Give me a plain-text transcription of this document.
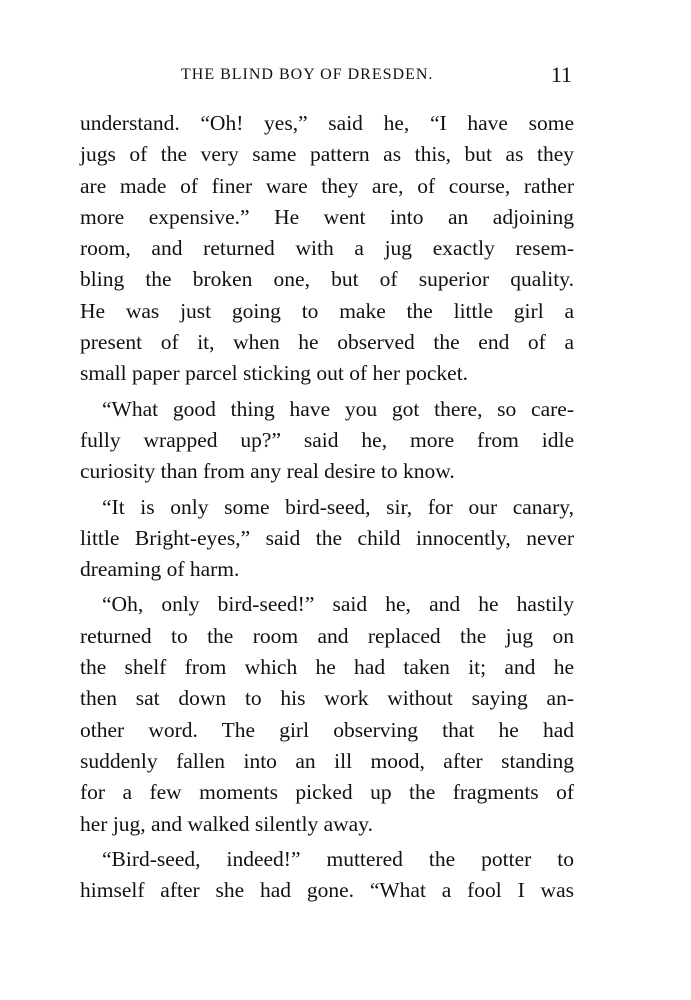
THE BLIND BOY OF DRESDEN.	11
understand. “Oh! yes,” said he, “I have some
jugs of the very same pattern as this, but as they
are made of finer ware they are, of course, rather
more expensive.” He went into an adjoining
room, and returned with a jug exactly resem-
bling the broken one, but of superior quality.
He was just going to make the little girl a
present of it, when he observed the end of a
small paper parcel sticking out of her pocket.
“What good thing have you got there, so care-
fully wrapped up?” said he, more from idle
curiosity than from any real desire to know.
“It is only some bird-seed, sir, for our canary,
little Bright-eyes,” said the child innocently, never
dreaming of harm.
“Oh, only bird-seed!” said he, and he hastily
returned to the room and replaced the jug on
the shelf from which he had taken it; and he
then sat down to his work without saying an-
other word. The girl observing that he had
suddenly fallen into an ill mood, after standing
for a few moments picked up the fragments of
her jug, and walked silently away.
“Bird-seed, indeed!” muttered the potter to
himself after she had gone. “What a fool I was
